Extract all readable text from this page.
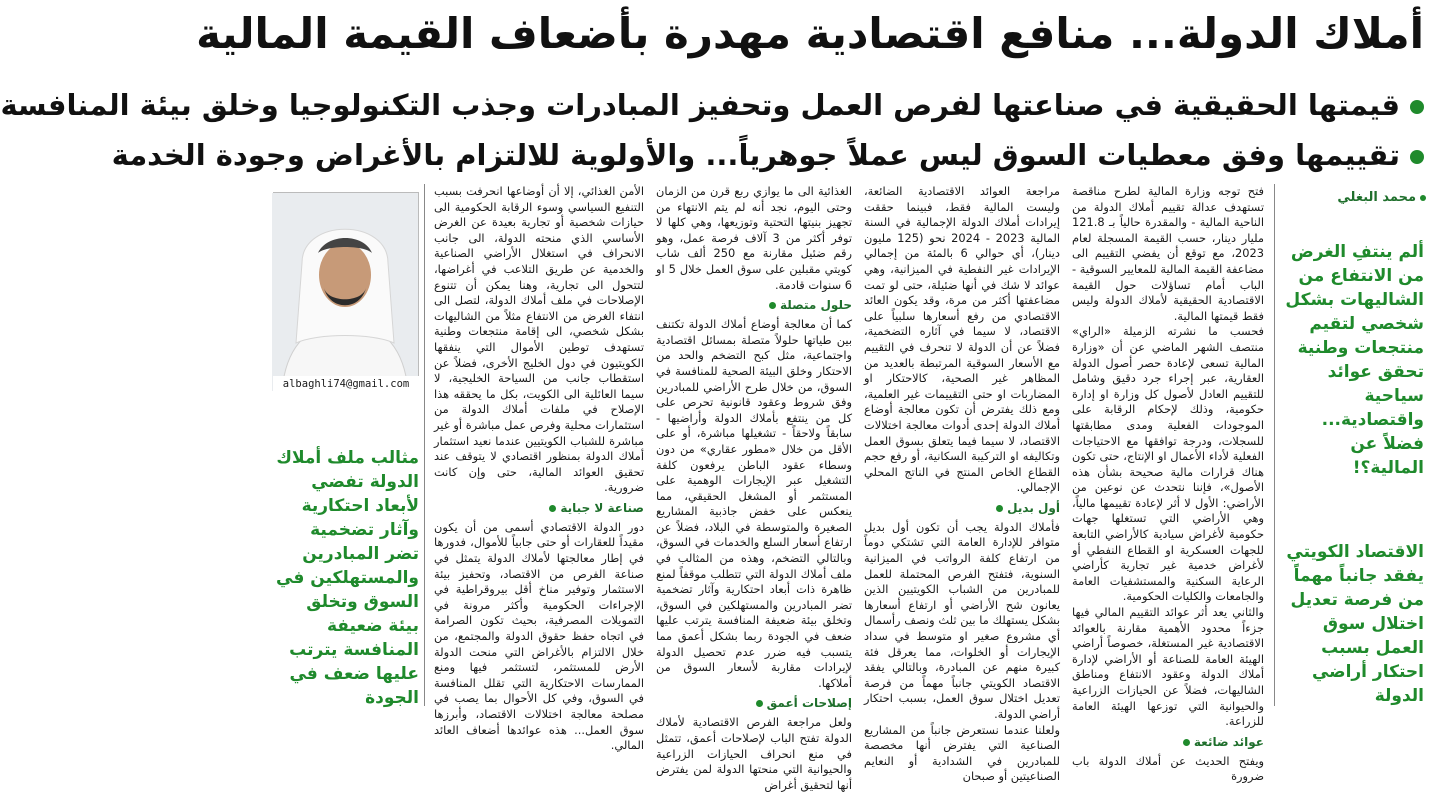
أملاك الدولة... منافع اقتصادية مهدرة بأضعاف القيمة المالية
قيمتها الحقيقية في صناعتها لفرص العمل وتحفيز المبادرات وجذب التكنولوجيا وخلق بيئة المنافسة
تقييمها وفق معطيات السوق ليس عملاً جوهرياً... والأولوية للالتزام بالأغراض وجودة الخدمة
محمد البغلي
ألم ينتفِ الغرض من الانتفاع من الشاليهات بشكل شخصي لتقيم منتجعات وطنية تحقق عوائد سياحية واقتصادية... فضلاً عن المالية؟!
الاقتصاد الكويتي يفقد جانباً مهماً من فرصة تعديل اختلال سوق العمل بسبب احتكار أراضي الدولة

فتح توجه وزارة المالية لطرح مناقصة تستهدف عدالة تقييم أملاك الدولة من الناحية المالية - والمقدرة حالياً بـ 121.8 مليار دينار، حسب القيمة المسجلة لعام 2023، مع توقع أن يفضي التقييم الى مضاعفة القيمة المالية للمعايير السوقية - الباب أمام تساؤلات حول القيمة الاقتصادية الحقيقية لأملاك الدولة وليس فقط قيمتها المالية.

فحسب ما نشرته الزميلة «الراي» منتصف الشهر الماضي عن أن «وزارة المالية تسعى لإعادة حصر أصول الدولة العقارية، عبر إجراء جرد دقيق وشامل للتقييم العادل لأصول كل وزارة او إدارة حكومية، وذلك لإحكام الرقابة على الموجودات الفعلية ومدى مطابقتها للسجلات، ودرجة توافقها مع الاحتياجات الفعلية لأداء الأعمال او الإنتاج، حتى تكون هناك قرارات مالية صحيحة بشأن هذه الأصول»، فإننا نتحدث عن نوعين من الأراضي: الأول لا أثر لإعادة تقييمها مالياً، وهي الأراضي التي تستغلها جهات حكومية لأغراض سيادية كالأراضي التابعة للجهات العسكرية او القطاع النفطي أو لأغراض خدمية غير تجارية كأراضي الرعاية السكنية والمستشفيات العامة والجامعات والكليات الحكومية.

والثاني يعد أثر عوائد التقييم المالي فيها جزءاً محدود الأهمية مقارنة بالعوائد الاقتصادية غير المستغلة، خصوصاً أراضي الهيئة العامة للصناعة أو الأراضي لإدارة أملاك الدولة وعقود الانتفاع ومناطق الشاليهات، فضلاً عن الحيازات الزراعية والحيوانية التي توزعها الهيئة العامة للزراعة.

عوائد ضائعة

ويفتح الحديث عن أملاك الدولة باب ضرورة

مراجعة العوائد الاقتصادية الضائعة، وليست المالية فقط، فبينما حققت إيرادات أملاك الدولة الإجمالية في السنة المالية 2023 - 2024 نحو (125 مليون دينار)، أي حوالي 6 بالمئة من إجمالي الإيرادات غير النفطية في الميزانية، وهي عوائد لا شك في أنها ضئيلة، حتى لو تمت مضاعفتها أكثر من مرة، وقد يكون العائد الاقتصادي من رفع أسعارها سلبياً على الاقتصاد، لا سيما في آثاره التضخمية، فضلاً عن أن الدولة لا تنحرف في التقييم مع الأسعار السوقية المرتبطة بالعديد من المظاهر غير الصحية، كالاحتكار او المضاربات او حتى التقييمات غير العلمية، ومع ذلك يفترض أن تكون معالجة أوضاع أملاك الدولة إحدى أدوات معالجة اختلالات الاقتصاد، لا سيما فيما يتعلق بسوق العمل وتكاليفه او التركيبة السكانية، أو رفع حجم القطاع الخاص المنتج في الناتج المحلي الإجمالي.

أول بديل

فأملاك الدولة يجب أن تكون أول بديل متوافر للإدارة العامة التي تشتكي دوماً من ارتفاع كلفة الرواتب في الميزانية السنوية، فتفتح الفرص المحتملة للعمل للمبادرين من الشباب الكويتيين الذين يعانون شح الأراضي أو ارتفاع أسعارها بشكل يستهلك ما بين ثلث ونصف رأسمال أي مشروع صغير او متوسط في سداد الإيجارات أو الخلوات، مما يعرقل فئة كبيرة منهم عن المبادرة، وبالتالي يفقد الاقتصاد الكويتي جانباً مهماً من فرصة تعديل اختلال سوق العمل، بسبب احتكار أراضي الدولة.

ولعلنا عندما نستعرض جانباً من المشاريع الصناعية التي يفترض أنها مخصصة للمبادرين في الشدادية أو النعايم الصناعيتين أو صبحان

الغذائية الى ما يوازي ربع قرن من الزمان وحتى اليوم، نجد أنه لم يتم الانتهاء من تجهيز بنيتها التحتية وتوزيعها، وهي كلها لا توفر أكثر من 3 آلاف فرصة عمل، وهو رقم ضئيل مقارنة مع 250 ألف شاب كويتي مقبلين على سوق العمل خلال 5 او 6 سنوات قادمة.

حلول متصلة

كما أن معالجة أوضاع أملاك الدولة تكتنف بين طياتها حلولاً متصلة بمسائل اقتصادية واجتماعية، مثل كبح التضخم والحد من الاحتكار وخلق البيئة الصحية للمنافسة في السوق، من خلال طرح الأراضي للمبادرين وفق شروط وعقود قانونية تحرص على كل من ينتفع بأملاك الدولة وأراضيها - سابقاً ولاحقاً - تشغيلها مباشرة، أو على الأقل من خلال «مطور عقاري» من دون وسطاء عقود الباطن يرفعون كلفة التشغيل عبر الإيجارات الوهمية على المستثمر أو المشغل الحقيقي، مما ينعكس على خفض جاذبية المشاريع الصغيرة والمتوسطة في البلاد، فضلاً عن ارتفاع أسعار السلع والخدمات في السوق، وبالتالي التضخم، وهذه من المثالب في ملف أملاك الدولة التي تتطلب موقفاً لمنع ظاهرة ذات أبعاد احتكارية وآثار تضخمية تضر المبادرين والمستهلكين في السوق، وتخلق بيئة ضعيفة المنافسة يترتب عليها ضعف في الجودة ربما بشكل أعمق مما يتسبب فيه ضرر عدم تحصيل الدولة لإيرادات مقاربة لأسعار السوق من أملاكها.

إصلاحات أعمق

ولعل مراجعة الفرص الاقتصادية لأملاك الدولة تفتح الباب لإصلاحات أعمق، تتمثل في منع انحراف الحيازات الزراعية والحيوانية التي منحتها الدولة لمن يفترض أنها لتحقيق أغراض

الأمن الغذائي، إلا أن أوضاعها انحرفت بسبب التنفيع السياسي وسوء الرقابة الحكومية الى حيازات شخصية أو تجارية بعيدة عن الغرض الأساسي الذي منحته الدولة، الى جانب الانحراف في استغلال الأراضي الصناعية والخدمية عن طريق التلاعب في أغراضها، لتتحول الى تجارية، وهنا يمكن أن تتنوع الإصلاحات في ملف أملاك الدولة، لتصل الى انتفاء الغرض من الانتفاع مثلاً من الشاليهات بشكل شخصي، الى إقامة منتجعات وطنية تستهدف توطين الأموال التي ينفقها الكويتيون في دول الخليج الأخرى، فضلاً عن استقطاب جانب من السياحة الخليجية، لا سيما العائلية الى الكويت، بكل ما يحققه هذا الإصلاح في ملفات أملاك الدولة من استثمارات محلية وفرص عمل مباشرة أو غير مباشرة للشباب الكويتيين عندما نعيد استثمار أملاك الدولة بمنظور اقتصادي لا يتوقف عند تحقيق العوائد المالية، حتى وإن كانت ضرورية.

صناعة لا جباية

دور الدولة الاقتصادي أسمى من أن يكون مقيداً للعقارات أو حتى جابياً للأموال، فدورها في إطار معالجتها لأملاك الدولة يتمثل في صناعة الفرص من الاقتصاد، وتحفيز بيئة الاستثمار وتوفير مناخ أقل بيروقراطية في الإجراءات الحكومية وأكثر مرونة في التمويلات المصرفية، بحيث تكون الصرامة في اتجاه حفظ حقوق الدولة والمجتمع، من خلال الالتزام بالأغراض التي منحت الدولة الأرض للمستثمر، لتستثمر فيها ومنع الممارسات الاحتكارية التي تقلل المنافسة في السوق، وفي كل الأحوال بما يصب في مصلحة معالجة اختلالات الاقتصاد، وأبرزها سوق العمل... هذه عوائدها أضعاف العائد المالي.

albaghli74@gmail.com
مثالب ملف أملاك الدولة تفضي لأبعاد احتكارية وآثار تضخمية تضر المبادرين والمستهلكين في السوق وتخلق بيئة ضعيفة المنافسة يترتب عليها ضعف في الجودة
